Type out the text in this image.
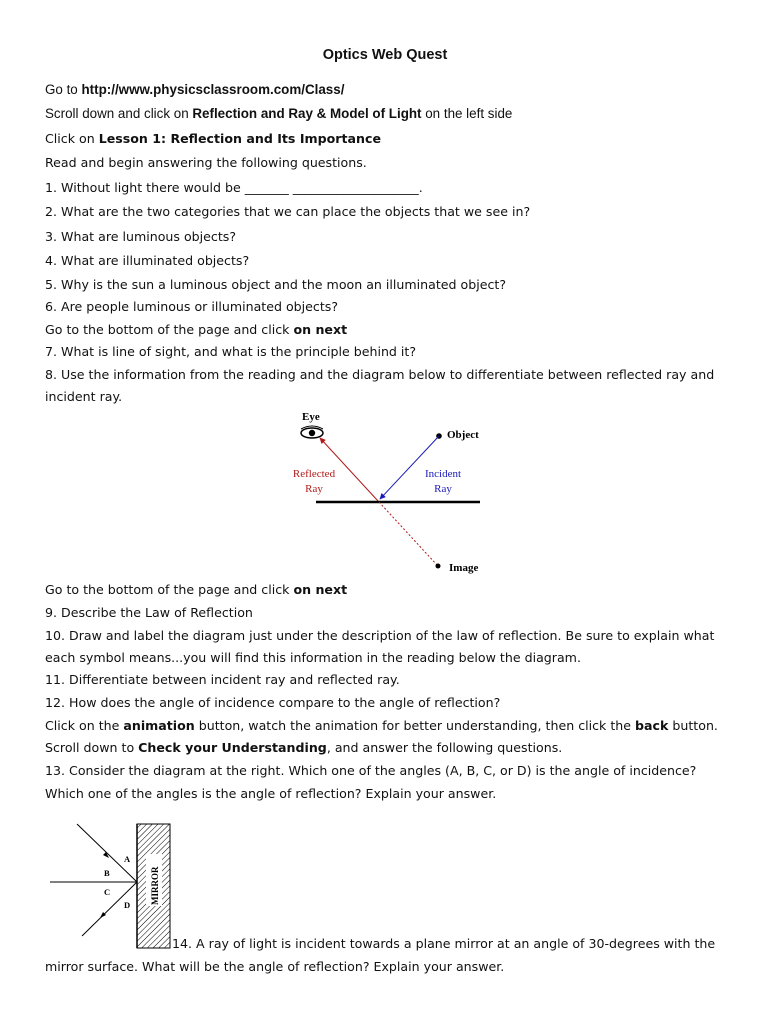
Optics Web Quest
Go to http://www.physicsclassroom.com/Class/
Scroll down and click on Reflection and Ray & Model of Light on the left side
Click on Lesson 1: Reflection and Its Importance
Read and begin answering the following questions.
1. Without light there would be _______ ____________________.
2. What are the two categories that we can place the objects that we see in?
3. What are luminous objects?
4. What are illuminated objects?
5. Why is the sun a luminous object and the moon an illuminated object?
6. Are people luminous or illuminated objects?
Go to the bottom of the page and click on next
7. What is line of sight, and what is the principle behind it?
8. Use the information from the reading and the diagram below to differentiate between reflected ray and
incident ray.
Eye
Object
Reflected
Ray
Incident
Ray
Image
Go to the bottom of the page and click on next
9. Describe the Law of Reflection
10. Draw and label the diagram just under the description of the law of reflection. Be sure to explain what
each symbol means...you will find this information in the reading below the diagram.
11. Differentiate between incident ray and reflected ray.
12. How does the angle of incidence compare to the angle of reflection?
Click on the animation button, watch the animation for better understanding, then click the back button.
Scroll down to Check your Understanding, and answer the following questions.
13. Consider the diagram at the right. Which one of the angles (A, B, C, or D) is the angle of incidence?
Which one of the angles is the angle of reflection? Explain your answer.
MIRROR
A
B
C
D
14. A ray of light is incident towards a plane mirror at an angle of 30-degrees with the
mirror surface. What will be the angle of reflection? Explain your answer.
